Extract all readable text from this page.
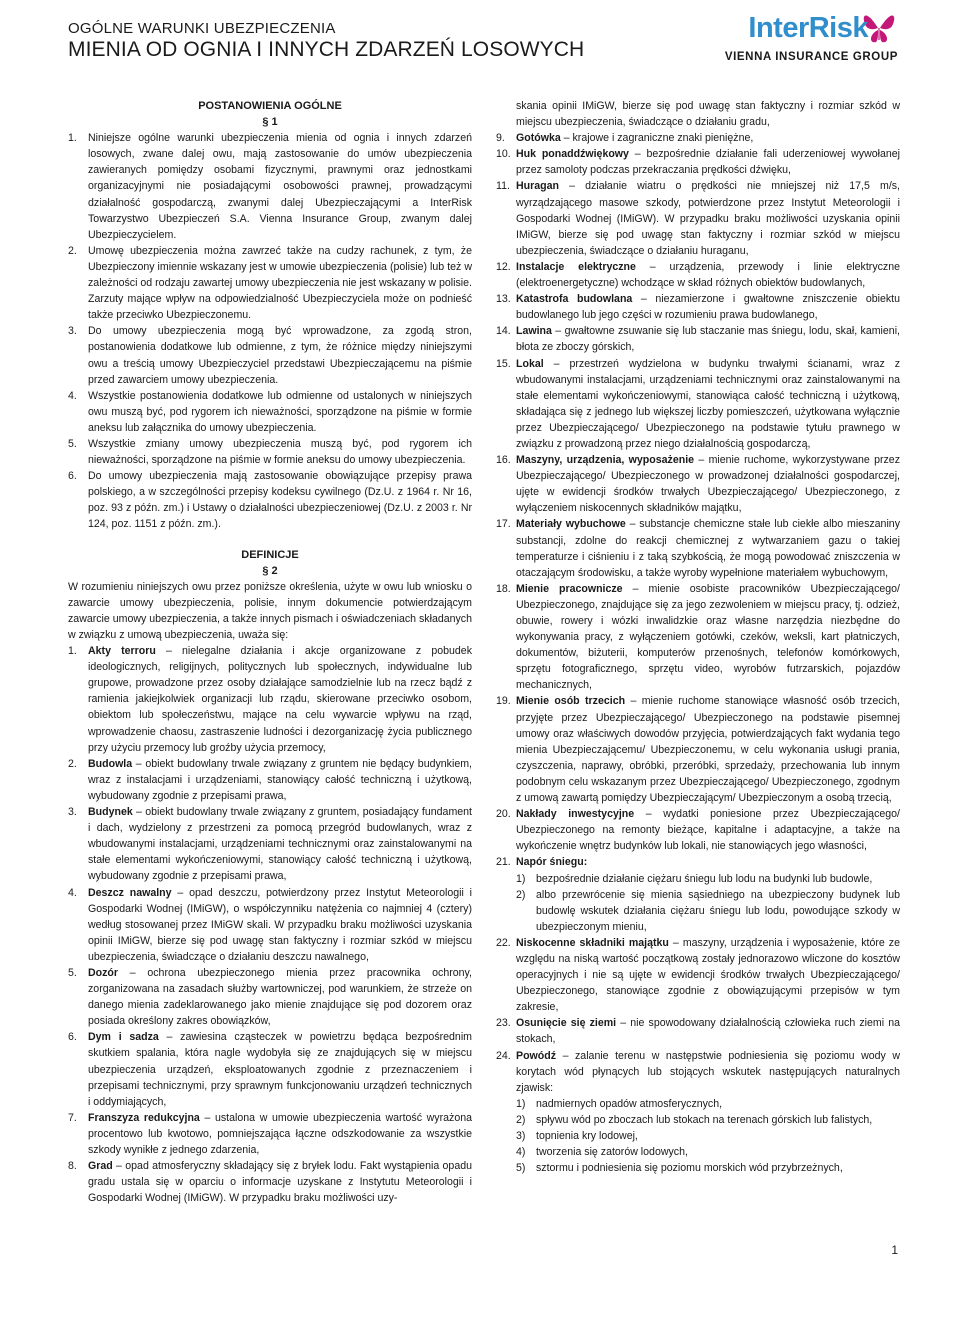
OGÓLNE WARUNKI UBEZPIECZENIA
MIENIA OD OGNIA I INNYCH ZDARZEŃ LOSOWYCH
InterRisk
VIENNA INSURANCE GROUP
POSTANOWIENIA OGÓLNE
§ 1
1. Niniejsze ogólne warunki ubezpieczenia mienia od ognia i innych zdarzeń losowych, zwane dalej owu, mają zastosowanie do umów ubezpieczenia zawieranych pomiędzy osobami fizycznymi, prawnymi oraz jednostkami organizacyjnymi nie posiadającymi osobowości prawnej, prowadzącymi działalność gospodarczą, zwanymi dalej Ubezpieczającymi a InterRisk Towarzystwo Ubezpieczeń S.A. Vienna Insurance Group, zwanym dalej Ubezpieczycielem.
2. Umowę ubezpieczenia można zawrzeć także na cudzy rachunek, z tym, że Ubezpieczony imiennie wskazany jest w umowie ubezpieczenia (polisie) lub też w zależności od rodzaju zawartej umowy ubezpieczenia nie jest wskazany w polisie. Zarzuty mające wpływ na odpowiedzialność Ubezpieczyciela może on podnieść także przeciwko Ubezpieczonemu.
3. Do umowy ubezpieczenia mogą być wprowadzone, za zgodą stron, postanowienia dodatkowe lub odmienne, z tym, że różnice między niniejszymi owu a treścią umowy Ubezpieczyciel przedstawi Ubezpieczającemu na piśmie przed zawarciem umowy ubezpieczenia.
4. Wszystkie postanowienia dodatkowe lub odmienne od ustalonych w niniejszych owu muszą być, pod rygorem ich nieważności, sporządzone na piśmie w formie aneksu lub załącznika do umowy ubezpieczenia.
5. Wszystkie zmiany umowy ubezpieczenia muszą być, pod rygorem ich nieważności, sporządzone na piśmie w formie aneksu do umowy ubezpieczenia.
6. Do umowy ubezpieczenia mają zastosowanie obowiązujące przepisy prawa polskiego, a w szczególności przepisy kodeksu cywilnego (Dz.U. z 1964 r. Nr 16, poz. 93 z późn. zm.) i Ustawy o działalności ubezpieczeniowej (Dz.U. z 2003 r. Nr 124, poz. 1151 z późn. zm.).
DEFINICJE
§ 2

W rozumieniu niniejszych owu przez poniższe określenia, użyte w owu lub wniosku o zawarcie umowy ubezpieczenia, polisie, innym dokumencie potwierdzającym zawarcie umowy ubezpieczenia, a także innych pismach i oświadczeniach składanych w związku z umową ubezpieczenia, uważa się:

1. Akty terroru – nielegalne działania i akcje organizowane z pobudek ideologicznych, religijnych, politycznych lub społecznych, indywidualne lub grupowe, prowadzone przez osoby działające samodzielnie lub na rzecz bądź z ramienia jakiejkolwiek organizacji lub rządu, skierowane przeciwko osobom, obiektom lub społeczeństwu, mające na celu wywarcie wpływu na rząd, wprowadzenie chaosu, zastraszenie ludności i dezorganizację życia publicznego przy użyciu przemocy lub groźby użycia przemocy,
2. Budowla – obiekt budowlany trwale związany z gruntem nie będący budynkiem, wraz z instalacjami i urządzeniami, stanowiący całość techniczną i użytkową, wybudowany zgodnie z przepisami prawa,
3. Budynek – obiekt budowlany trwale związany z gruntem, posiadający fundament i dach, wydzielony z przestrzeni za pomocą przegród budowlanych, wraz z wbudowanymi instalacjami, urządzeniami technicznymi oraz zainstalowanymi na stałe elementami wykończeniowymi, stanowiący całość techniczną i użytkową, wybudowany zgodnie z przepisami prawa,
4. Deszcz nawalny – opad deszczu, potwierdzony przez Instytut Meteorologii i Gospodarki Wodnej (IMiGW), o współczynniku natężenia co najmniej 4 (cztery) według stosowanej przez IMiGW skali. W przypadku braku możliwości uzyskania opinii IMiGW, bierze się pod uwagę stan faktyczny i rozmiar szkód w miejscu ubezpieczenia, świadczące o działaniu deszczu nawalnego,
5. Dozór – ochrona ubezpieczonego mienia przez pracownika ochrony, zorganizowana na zasadach służby wartowniczej, pod warunkiem, że strzeże on danego mienia zadeklarowanego jako mienie znajdujące się pod dozorem oraz posiada określony zakres obowiązków,
6. Dym i sadza – zawiesina cząsteczek w powietrzu będąca bezpośrednim skutkiem spalania, która nagle wydobyła się ze znajdujących się w miejscu ubezpieczenia urządzeń, eksploatowanych zgodnie z przeznaczeniem i przepisami technicznymi, przy sprawnym funkcjonowaniu urządzeń technicznych i oddymiających,
7. Franszyza redukcyjna – ustalona w umowie ubezpieczenia wartość wyrażona procentowo lub kwotowo, pomniejszająca łączne odszkodowanie za wszystkie szkody wynikłe z jednego zdarzenia,
8. Grad – opad atmosferyczny składający się z bryłek lodu. Fakt wystąpienia opadu gradu ustala się w oparciu o informacje uzyskane z Instytutu Meteorologii i Gospodarki Wodnej (IMiGW). W przypadku braku możliwości uzy-
skania opinii IMiGW, bierze się pod uwagę stan faktyczny i rozmiar szkód w miejscu ubezpieczenia, świadczące o działaniu gradu,
9. Gotówka – krajowe i zagraniczne znaki pieniężne,
10. Huk ponaddźwiękowy – bezpośrednie działanie fali uderzeniowej wywołanej przez samoloty podczas przekraczania prędkości dźwięku,
11. Huragan – działanie wiatru o prędkości nie mniejszej niż 17,5 m/s, wyrządzającego masowe szkody, potwierdzone przez Instytut Meteorologii i Gospodarki Wodnej (IMiGW). W przypadku braku możliwości uzyskania opinii IMiGW, bierze się pod uwagę stan faktyczny i rozmiar szkód w miejscu ubezpieczenia, świadczące o działaniu huraganu,
12. Instalacje elektryczne – urządzenia, przewody i linie elektryczne (elektroenergetyczne) wchodzące w skład różnych obiektów budowlanych,
13. Katastrofa budowlana – niezamierzone i gwałtowne zniszczenie obiektu budowlanego lub jego części w rozumieniu prawa budowlanego,
14. Lawina – gwałtowne zsuwanie się lub staczanie mas śniegu, lodu, skał, kamieni, błota ze zboczy górskich,
15. Lokal – przestrzeń wydzielona w budynku trwałymi ścianami, wraz z wbudowanymi instalacjami, urządzeniami technicznymi oraz zainstalowanymi na stałe elementami wykończeniowymi, stanowiąca całość techniczną i użytkową, składająca się z jednego lub większej liczby pomieszczeń, użytkowana wyłącznie przez Ubezpieczającego/ Ubezpieczonego na podstawie tytułu prawnego w związku z prowadzoną przez niego działalnością gospodarczą,
16. Maszyny, urządzenia, wyposażenie – mienie ruchome, wykorzystywane przez Ubezpieczającego/ Ubezpieczonego w prowadzonej działalności gospodarczej, ujęte w ewidencji środków trwałych Ubezpieczającego/ Ubezpieczonego, z wyłączeniem niskocennych składników majątku,
17. Materiały wybuchowe – substancje chemiczne stałe lub ciekłe albo mieszaniny substancji, zdolne do reakcji chemicznej z wytwarzaniem gazu o takiej temperaturze i ciśnieniu i z taką szybkością, że mogą powodować zniszczenia w otaczającym środowisku, a także wyroby wypełnione materiałem wybuchowym,
18. Mienie pracownicze – mienie osobiste pracowników Ubezpieczającego/ Ubezpieczonego, znajdujące się za jego zezwoleniem w miejscu pracy, tj. odzież, obuwie, rowery i wózki inwalidzkie oraz własne narzędzia niezbędne do wykonywania pracy, z wyłączeniem gotówki, czeków, weksli, kart płatniczych, dokumentów, biżuterii, komputerów przenośnych, telefonów komórkowych, sprzętu fotograficznego, sprzętu video, wyrobów futrzarskich, pojazdów mechanicznych,
19. Mienie osób trzecich – mienie ruchome stanowiące własność osób trzecich, przyjęte przez Ubezpieczającego/ Ubezpieczonego na podstawie pisemnej umowy oraz właściwych dowodów przyjęcia, potwierdzających fakt wydania tego mienia Ubezpieczającemu/ Ubezpieczonemu, w celu wykonania usługi prania, czyszczenia, naprawy, obróbki, przeróbki, sprzedaży, przechowania lub innym podobnym celu wskazanym przez Ubezpieczającego/ Ubezpieczonego, zgodnym z umową zawartą pomiędzy Ubezpieczającym/ Ubezpieczonym a osobą trzecią,
20. Nakłady inwestycyjne – wydatki poniesione przez Ubezpieczającego/ Ubezpieczonego na remonty bieżące, kapitalne i adaptacyjne, a także na wykończenie wnętrz budynków lub lokali, nie stanowiących jego własności,
21. Napór śniegu:
1) bezpośrednie działanie ciężaru śniegu lub lodu na budynki lub budowle,
2) albo przewrócenie się mienia sąsiedniego na ubezpieczony budynek lub budowlę wskutek działania ciężaru śniegu lub lodu, powodujące szkody w ubezpieczonym mieniu,
22. Niskocenne składniki majątku – maszyny, urządzenia i wyposażenie, które ze względu na niską wartość początkową zostały jednorazowo wliczone do kosztów operacyjnych i nie są ujęte w ewidencji środków trwałych Ubezpieczającego/ Ubezpieczonego, stanowiące zgodnie z obowiązującymi przepisów w tym zakresie,
23. Osunięcie się ziemi – nie spowodowany działalnością człowieka ruch ziemi na stokach,
24. Powódź – zalanie terenu w następstwie podniesienia się poziomu wody w korytach wód płynących lub stojących wskutek następujących naturalnych zjawisk:
1) nadmiernych opadów atmosferycznych,
2) spływu wód po zboczach lub stokach na terenach górskich lub falistych,
3) topnienia kry lodowej,
4) tworzenia się zatorów lodowych,
5) sztormu i podniesienia się poziomu morskich wód przybrzeżnych,
1
